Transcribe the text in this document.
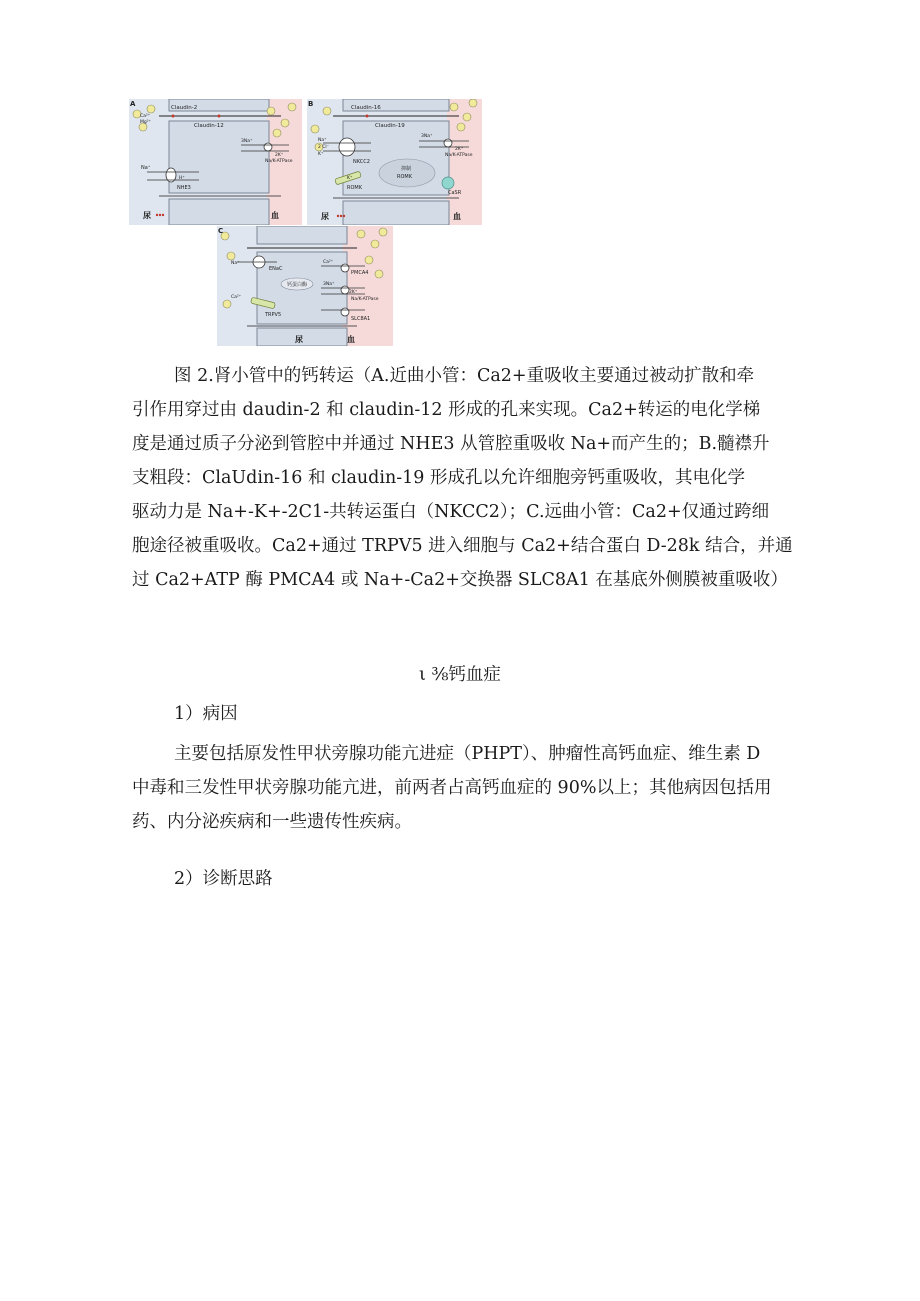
A	Claudin-2
Claudin-12
Ca²⁺
Mg²⁺
Na⁺
H⁺
NHE3
3Na⁺
2K⁺
Na/K-ATPase
尿	血
B	Claudin-16
Claudin-19
Na⁺
2 Cl⁻
K⁺
NKCC2
3Na⁺
2K⁺
Na/K-ATPase
抑制
ROMK
K⁺
ROMK
CaSR
尿	血
C
Na⁺
ENaC
Ca²⁺
PMCA4
钙蛋白酶	3Na⁺
2K⁺
Na/K-ATPase
Ca²⁺
TRPV5
SLC8A1
尿	血
图 2.肾小管中的钙转运（A.近曲小管：Ca2+重吸收主要通过被动扩散和牵
引作用穿过由 daudin-2 和 claudin-12 形成的孔来实现。Ca2+转运的电化学梯
度是通过质子分泌到管腔中并通过 NHE3 从管腔重吸收 Na+而产生的；B.髓襟升
支粗段：ClaUdin-16 和 claudin-19 形成孔以允许细胞旁钙重吸收，其电化学
驱动力是 Na+-K+-2C1-共转运蛋白（NKCC2）；C.远曲小管：Ca2+仅通过跨细
胞途径被重吸收。Ca2+通过 TRPV5 进入细胞与 Ca2+结合蛋白 D-28k 结合，并通
过 Ca2+ATP 酶 PMCA4 或 Na+-Ca2+交换器 SLC8A1 在基底外侧膜被重吸收）

ι ⅜钙血症

1）病因
主要包括原发性甲状旁腺功能亢进症（PHPT）、肿瘤性高钙血症、维生素 D
中毒和三发性甲状旁腺功能亢进，前两者占高钙血症的 90%以上；其他病因包括用
药、内分泌疾病和一些遗传性疾病。
2）诊断思路
